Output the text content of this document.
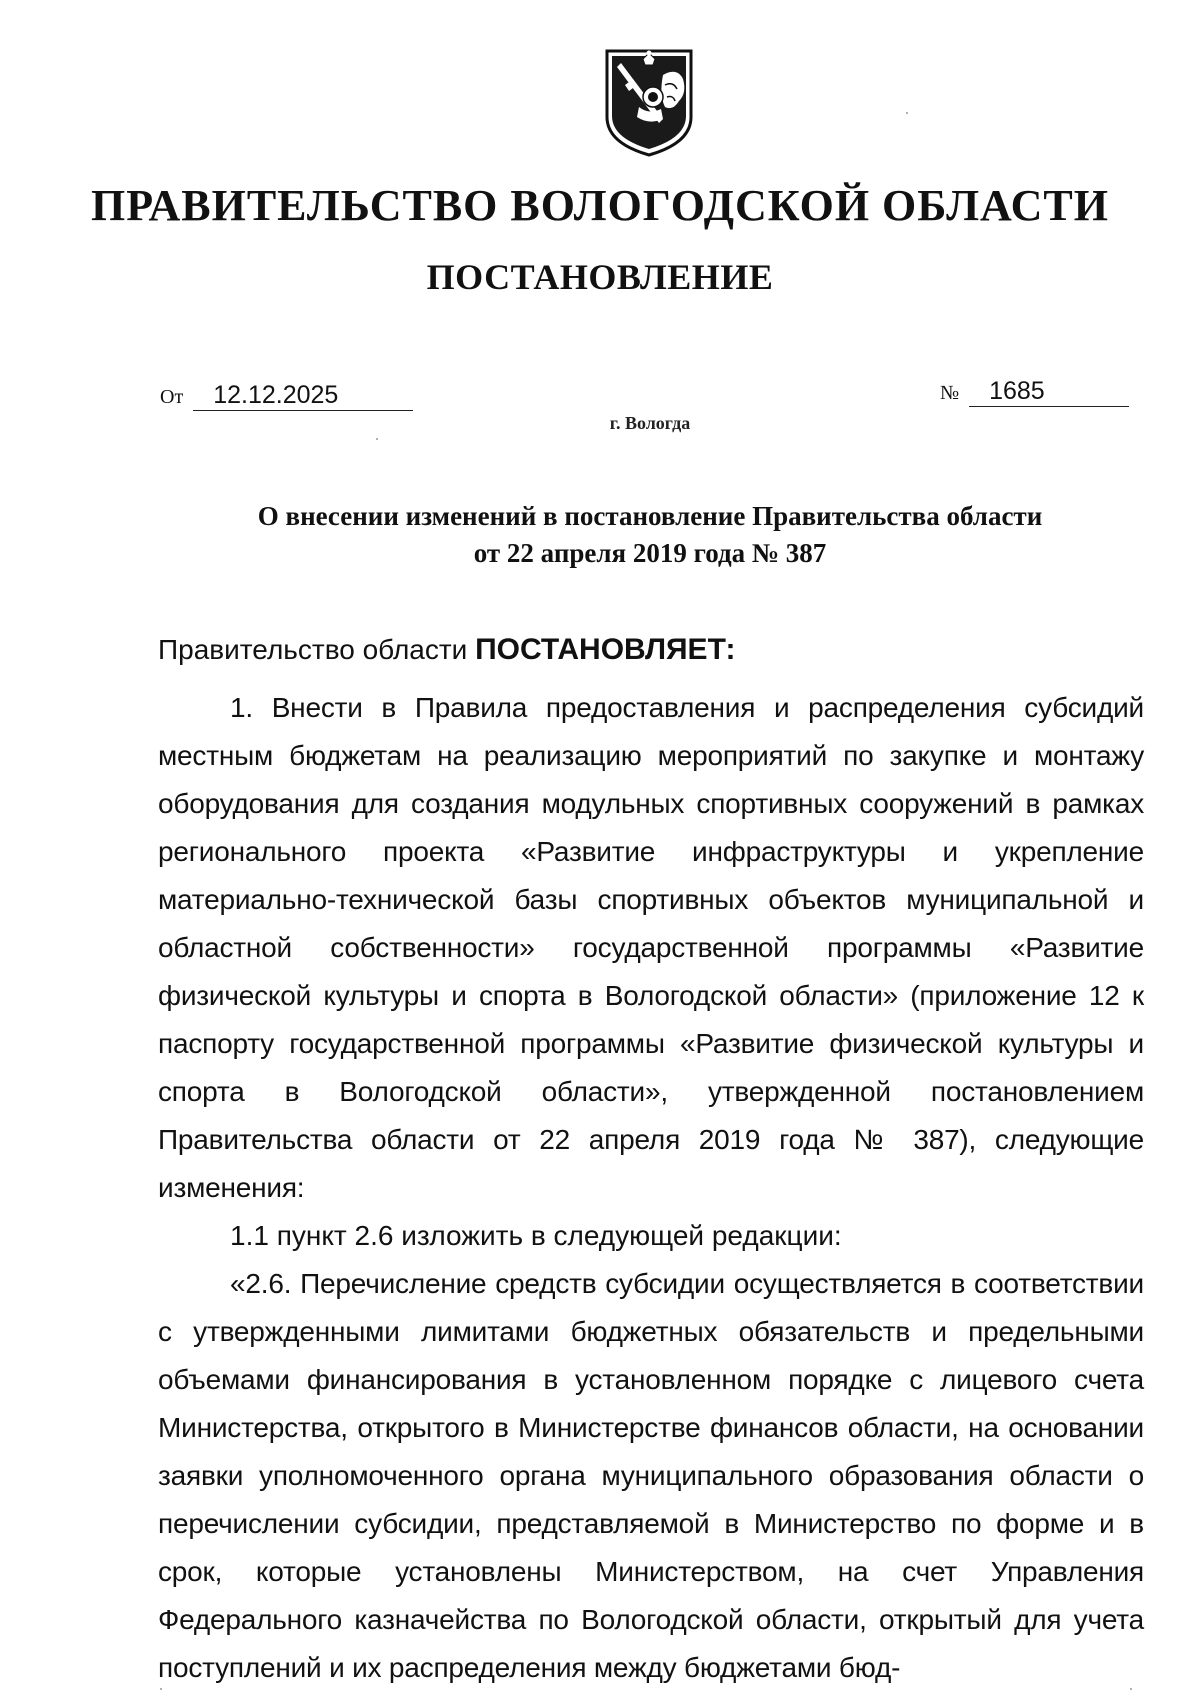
ПРАВИТЕЛЬСТВО ВОЛОГОДСКОЙ ОБЛАСТИ
ПОСТАНОВЛЕНИЕ
От 12.12.2025	№ 1685

г. Вологда

О внесении изменений в постановление Правительства области
от 22 апреля 2019 года № 387

Правительство области ПОСТАНОВЛЯЕТ:

1. Внести в Правила предоставления и распределения субсидий местным бюджетам на реализацию мероприятий по закупке и монтажу оборудования для создания модульных спортивных сооружений в рамках регионального проекта «Развитие инфраструктуры и укрепление материально-технической базы спортивных объектов муниципальной и областной собственности» государственной программы «Развитие физической культуры и спорта в Вологодской области» (приложение 12 к паспорту государственной программы «Развитие физической культуры и спорта в Вологодской области», утвержденной постановлением Правительства области от 22 апреля 2019 года № 387), следующие изменения:

1.1 пункт 2.6 изложить в следующей редакции:

«2.6. Перечисление средств субсидии осуществляется в соответствии с утвержденными лимитами бюджетных обязательств и предельными объемами финансирования в установленном порядке с лицевого счета Министерства, открытого в Министерстве финансов области, на основании заявки уполномоченного органа муниципального образования области о перечислении субсидии, представляемой в Министерство по форме и в срок, которые установлены Министерством, на счет Управления Федерального казначейства по Вологодской области, открытый для учета поступлений и их распределения между бюджетами бюд-
